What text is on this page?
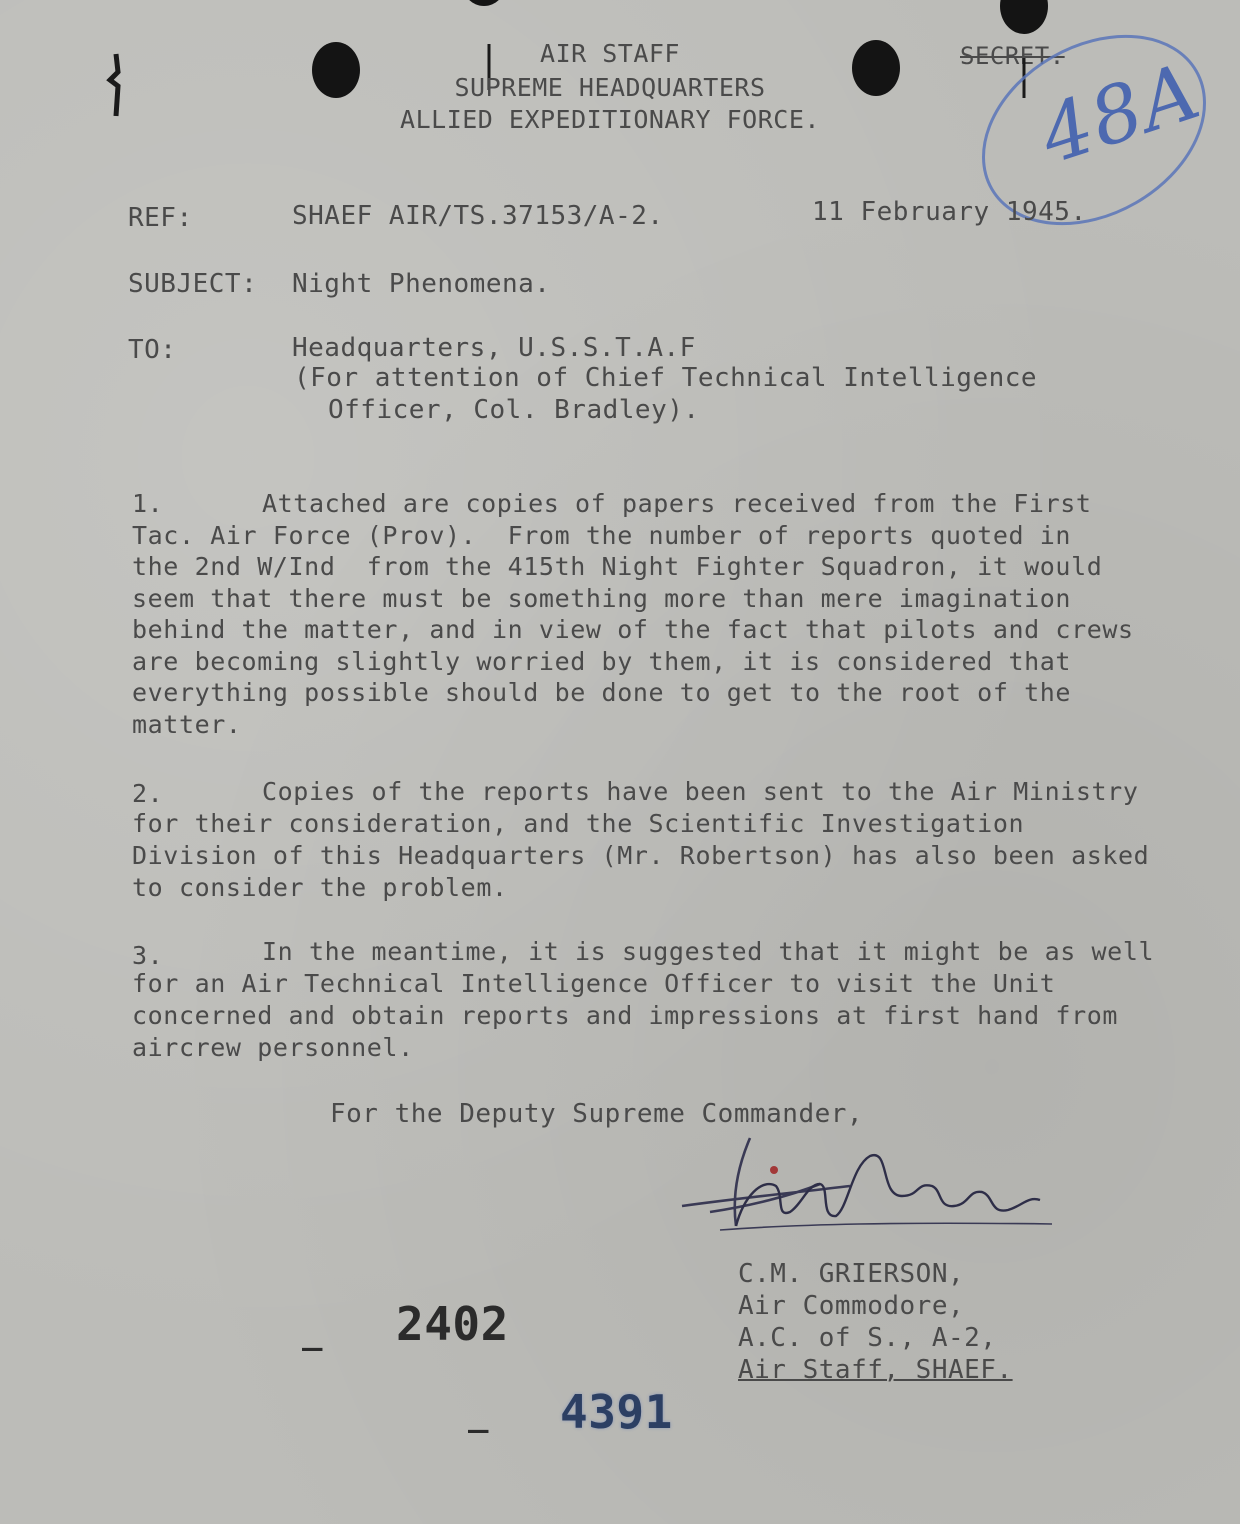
AIR STAFF
SUPREME HEADQUARTERS
ALLIED EXPEDITIONARY FORCE.
SECRET.
48A
REF:	SHAEF AIR/TS.37153/A-2.	11 February 1945.
SUBJECT: Night Phenomena.
TO:	Headquarters, U.S.S.T.A.F
(For attention of Chief Technical Intelligence
Officer, Col. Bradley).
1.	Attached are copies of papers received from the First
Tac. Air Force (Prov).  From the number of reports quoted in
the 2nd W/Ind  from the 415th Night Fighter Squadron, it would
seem that there must be something more than mere imagination
behind the matter, and in view of the fact that pilots and crews
are becoming slightly worried by them, it is considered that
everything possible should be done to get to the root of the
matter.
2.	Copies of the reports have been sent to the Air Ministry
for their consideration, and the Scientific Investigation
Division of this Headquarters (Mr. Robertson) has also been asked
to consider the problem.
3.	In the meantime, it is suggested that it might be as well
for an Air Technical Intelligence Officer to visit the Unit
concerned and obtain reports and impressions at first hand from
aircrew personnel.
For the Deputy Supreme Commander,
C.M. GRIERSON,
Air Commodore,
A.C. of S., A-2,
Air Staff, SHAEF.
_ 2402
_ 4391
